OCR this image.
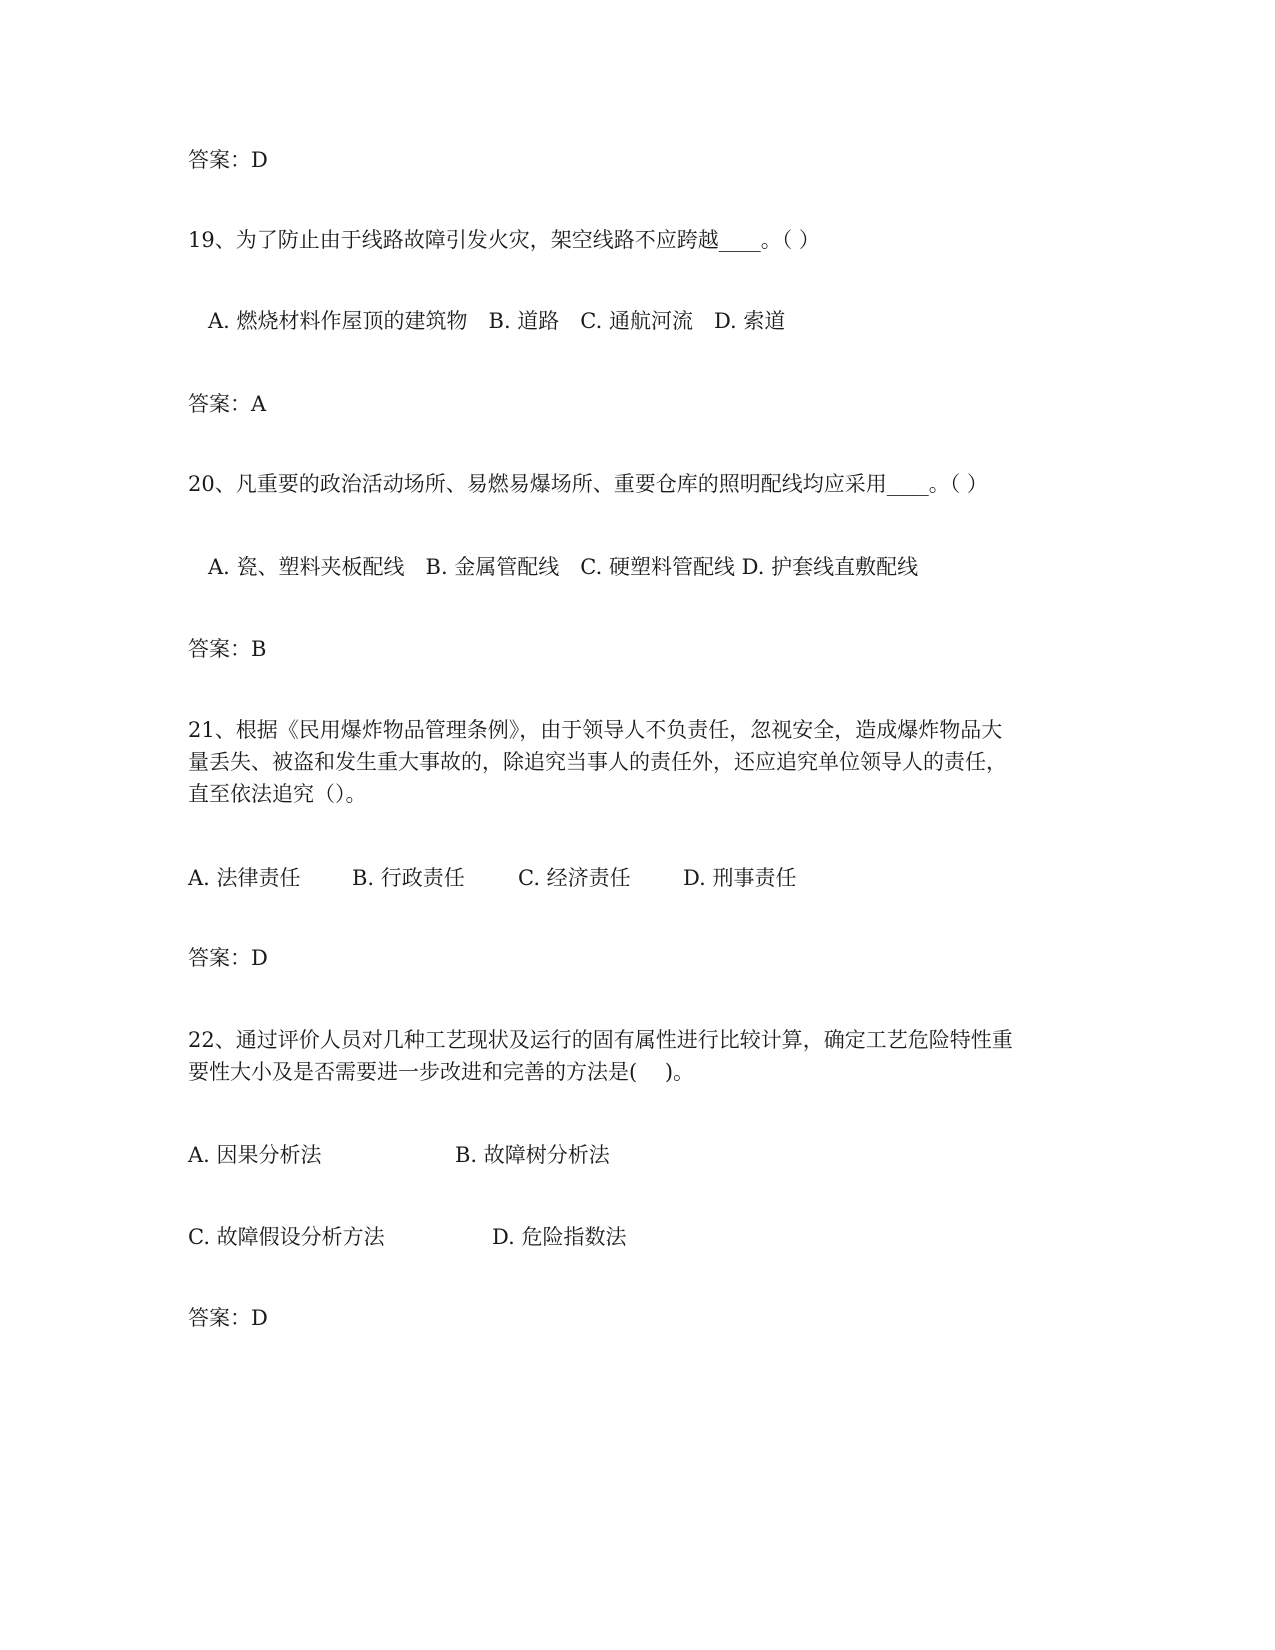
答案：D

19、为了防止由于线路故障引发火灾，架空线路不应跨越____。（ ）

A. 燃烧材料作屋顶的建筑物　B. 道路　C. 通航河流　D. 索道

答案：A

20、凡重要的政治活动场所、易燃易爆场所、重要仓库的照明配线均应采用____。（ ）

A. 瓷、塑料夹板配线　B. 金属管配线　C. 硬塑料管配线 D. 护套线直敷配线

答案：B

21、根据《民用爆炸物品管理条例》，由于领导人不负责任，忽视安全，造成爆炸物品大
量丢失、被盗和发生重大事故的，除追究当事人的责任外，还应追究单位领导人的责任，
直至依法追究（）。
A. 法律责任 B. 行政责任	C. 经济责任 D. 刑事责任

答案：D

22、通过评价人员对几种工艺现状及运行的固有属性进行比较计算，确定工艺危险特性重
要性大小及是否需要进一步改进和完善的方法是(　 )。
A. 因果分析法	B. 故障树分析法
C. 故障假设分析方法	D. 危险指数法

答案：D
